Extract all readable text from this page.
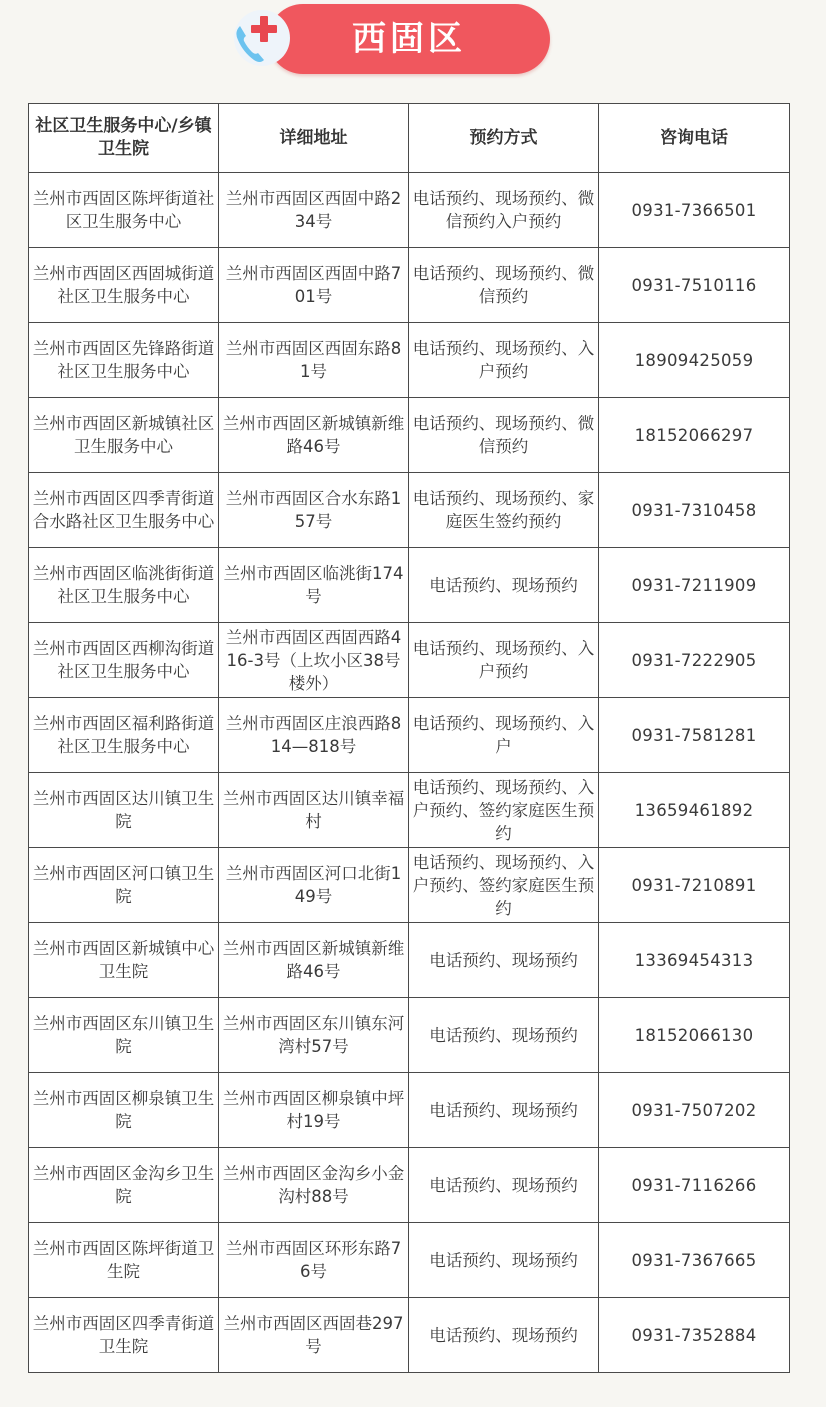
西固区
社区卫生服务中心/乡镇卫生院	详细地址	预约方式	咨询电话
兰州市西固区陈坪街道社区卫生服务中心	兰州市西固区西固中路234号	电话预约、现场预约、微信预约入户预约	0931-7366501
兰州市西固区西固城街道社区卫生服务中心	兰州市西固区西固中路701号	电话预约、现场预约、微信预约	0931-7510116
兰州市西固区先锋路街道社区卫生服务中心	兰州市西固区西固东路81号	电话预约、现场预约、入户预约	18909425059
兰州市西固区新城镇社区卫生服务中心	兰州市西固区新城镇新维路46号	电话预约、现场预约、微信预约	18152066297
兰州市西固区四季青街道合水路社区卫生服务中心	兰州市西固区合水东路157号	电话预约、现场预约、家庭医生签约预约	0931-7310458
兰州市西固区临洮街街道社区卫生服务中心	兰州市西固区临洮街174号	电话预约、现场预约	0931-7211909
兰州市西固区西柳沟街道社区卫生服务中心	兰州市西固区西固西路416-3号（上坎小区38号楼外）	电话预约、现场预约、入户预约	0931-7222905
兰州市西固区福利路街道社区卫生服务中心	兰州市西固区庄浪西路814—818号	电话预约、现场预约、入户	0931-7581281
兰州市西固区达川镇卫生院	兰州市西固区达川镇幸福村	电话预约、现场预约、入户预约、签约家庭医生预约	13659461892
兰州市西固区河口镇卫生院	兰州市西固区河口北街149号	电话预约、现场预约、入户预约、签约家庭医生预约	0931-7210891
兰州市西固区新城镇中心卫生院	兰州市西固区新城镇新维路46号	电话预约、现场预约	13369454313
兰州市西固区东川镇卫生院	兰州市西固区东川镇东河湾村57号	电话预约、现场预约	18152066130
兰州市西固区柳泉镇卫生院	兰州市西固区柳泉镇中坪村19号	电话预约、现场预约	0931-7507202
兰州市西固区金沟乡卫生院	兰州市西固区金沟乡小金沟村88号	电话预约、现场预约	0931-7116266
兰州市西固区陈坪街道卫生院	兰州市西固区环形东路76号	电话预约、现场预约	0931-7367665
兰州市西固区四季青街道卫生院	兰州市西固区西固巷297号	电话预约、现场预约	0931-7352884
